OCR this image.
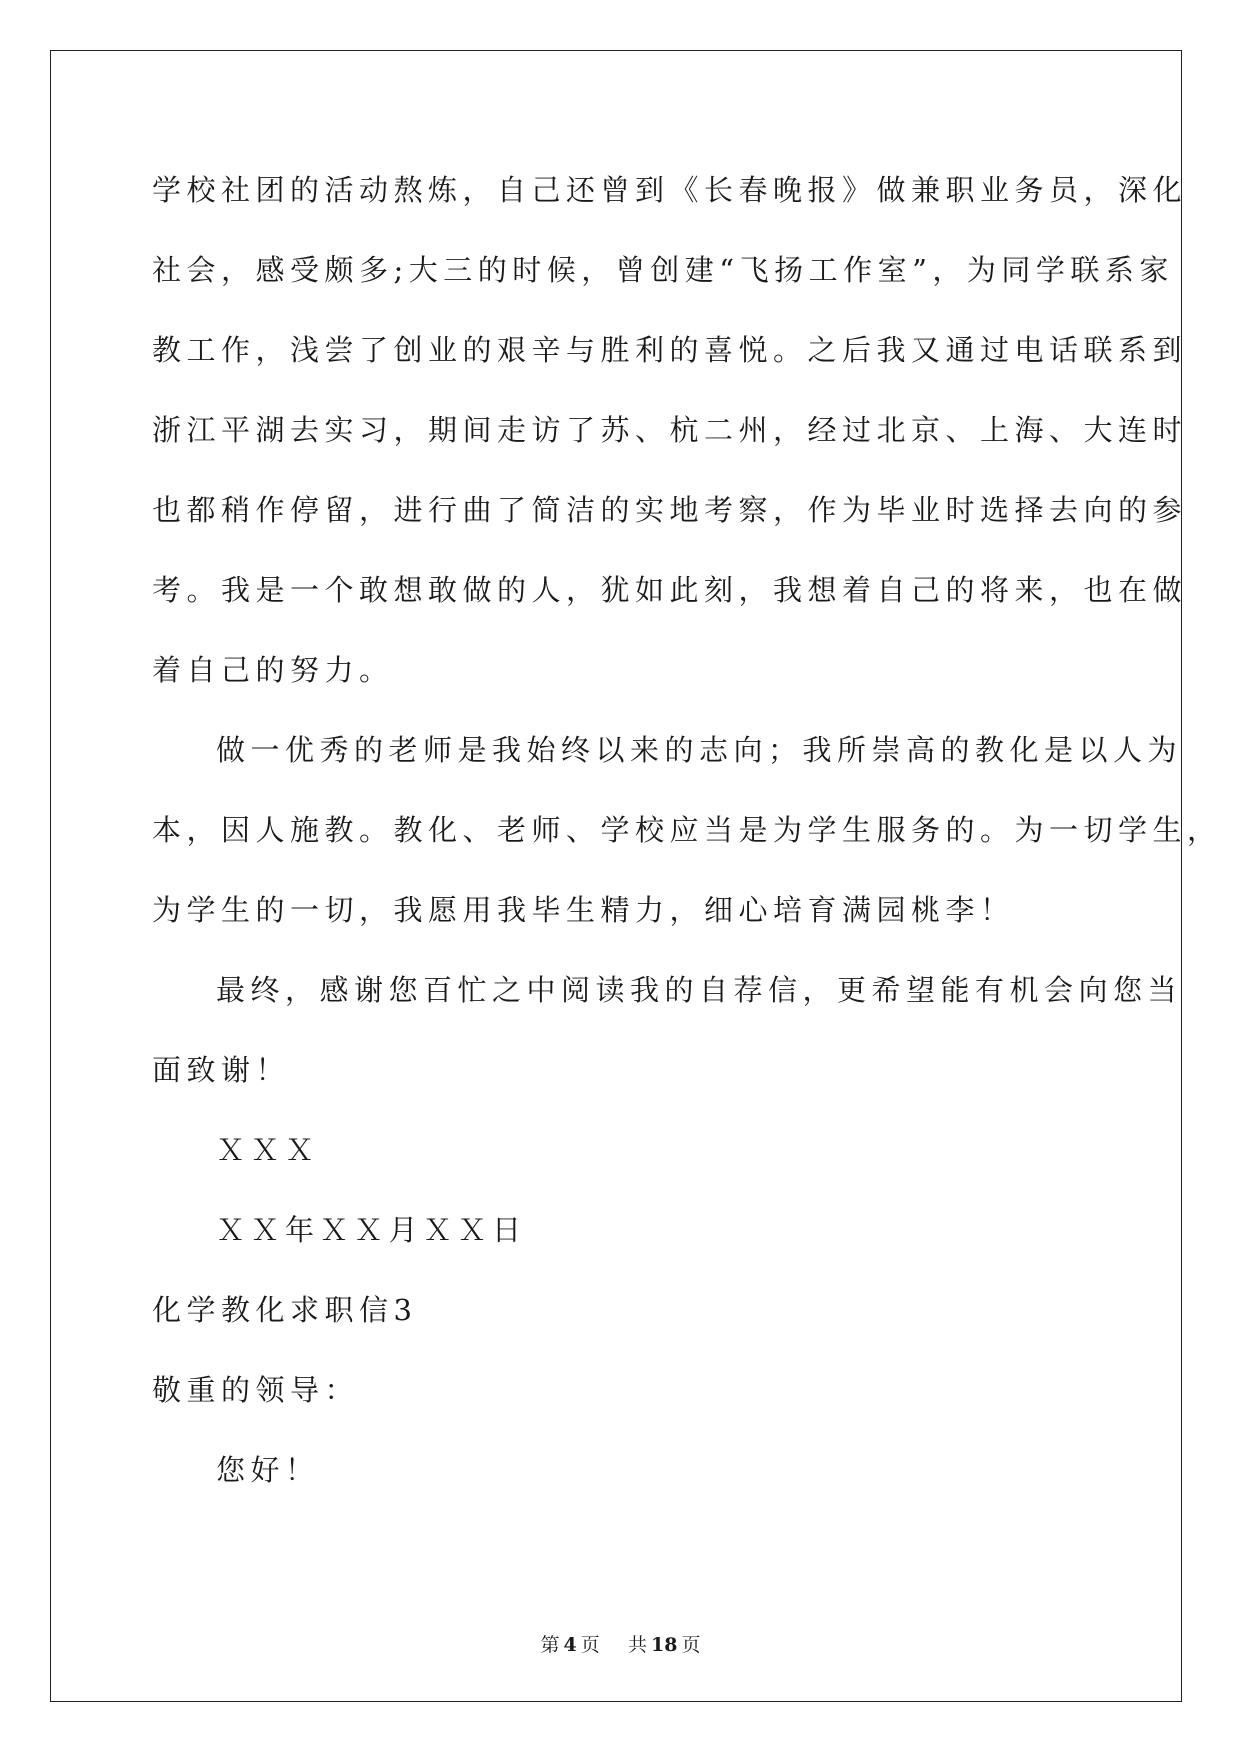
学校社团的活动熬炼，自己还曾到《长春晚报》做兼职业务员，深化
社会，感受颇多;大三的时候，曾创建“飞扬工作室”，为同学联系家
教工作，浅尝了创业的艰辛与胜利的喜悦。之后我又通过电话联系到
浙江平湖去实习，期间走访了苏、杭二州，经过北京、上海、大连时
也都稍作停留，进行曲了简洁的实地考察，作为毕业时选择去向的参
考。我是一个敢想敢做的人，犹如此刻，我想着自己的将来，也在做
着自己的努力。
做一优秀的老师是我始终以来的志向；我所崇高的教化是以人为
本，因人施教。教化、老师、学校应当是为学生服务的。为一切学生，
为学生的一切，我愿用我毕生精力，细心培育满园桃李！
最终，感谢您百忙之中阅读我的自荐信，更希望能有机会向您当
面致谢！
ＸＸＸ
ＸＸ年ＸＸ月ＸＸ日
化学教化求职信3
敬重的领导：
您好！
第 4 页 共 18 页
